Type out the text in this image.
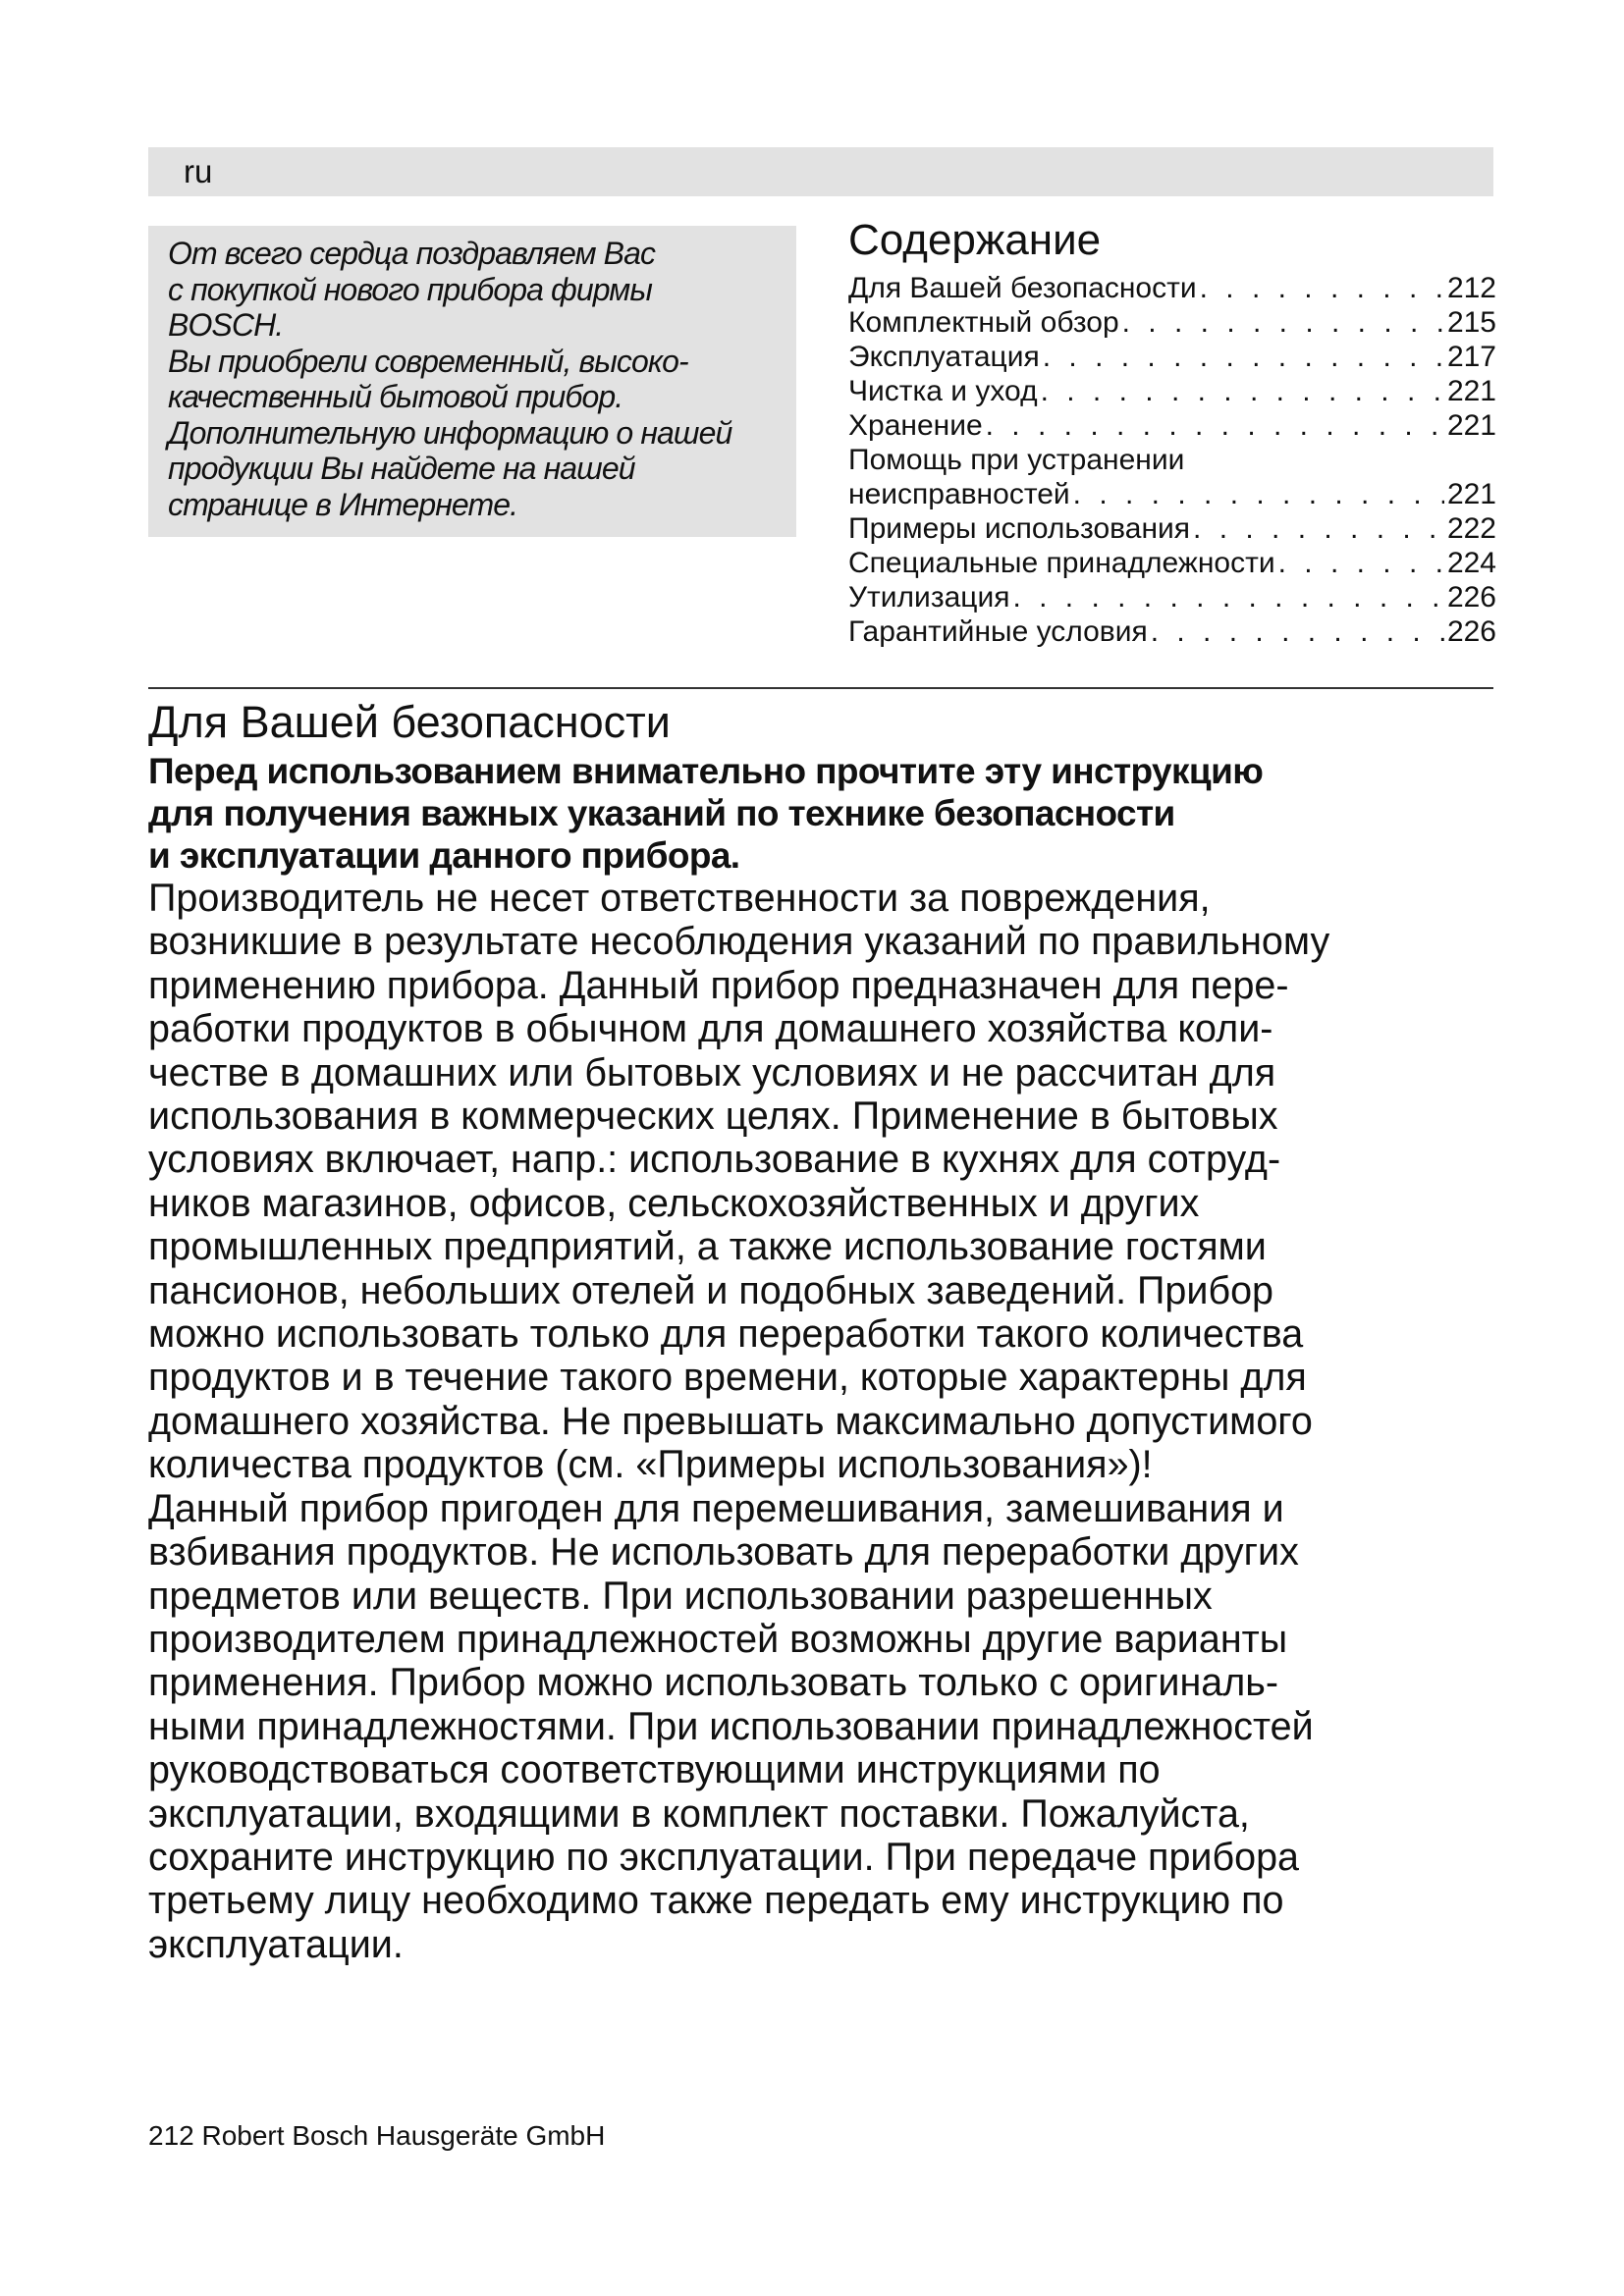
ru

От всего сердца поздравляем Вас
с покупкой нового прибора фирмы
BOSCH.
Вы приобрели современный, высоко-
качественный бытовой прибор.
Дополнительную информацию о нашей
продукции Вы найдете на нашей
странице в Интернете.

Содержание
Для Вашей безопасности . . .	212
Комплектный обзор . . .	215
Эксплуатация . . .	217
Чистка и уход . . .	221
Хранение . . .	221
Помощь при устранении
неисправностей . . .	221
Примеры использования . . .	222
Специальные принадлежности . . .	224
Утилизация . . .	226
Гарантийные условия . . .	226
Для Вашей безопасности

Перед использованием внимательно прочтите эту инструкцию
для получения важных указаний по технике безопасности
и эксплуатации данного прибора.

Производитель не несет ответственности за повреждения,
возникшие в результате несоблюдения указаний по правильному
применению прибора. Данный прибор предназначен для пере-
работки продуктов в обычном для домашнего хозяйства коли-
честве в домашних или бытовых условиях и не рассчитан для
использования в коммерческих целях. Применение в бытовых
условиях включает, напр.: использование в кухнях для сотруд-
ников магазинов, офисов, сельскохозяйственных и других
промышленных предприятий, а также использование гостями
пансионов, небольших отелей и подобных заведений. Прибор
можно использовать только для переработки такого количества
продуктов и в течение такого времени, которые характерны для
домашнего хозяйства. Не превышать максимально допустимого
количества продуктов (см. «Примеры использования»)!
Данный прибор пригоден для перемешивания, замешивания и
взбивания продуктов. Не использовать для переработки других
предметов или веществ. При использовании разрешенных
производителем принадлежностей возможны другие варианты
применения. Прибор можно использовать только с оригиналь-
ными принадлежностями. При использовании принадлежностей
руководствоваться соответствующими инструкциями по
эксплуатации, входящими в комплект поставки. Пожалуйста,
сохраните инструкцию по эксплуатации. При передаче прибора
третьему лицу необходимо также передать ему инструкцию по
эксплуатации.

212 Robert Bosch Hausgeräte GmbH
